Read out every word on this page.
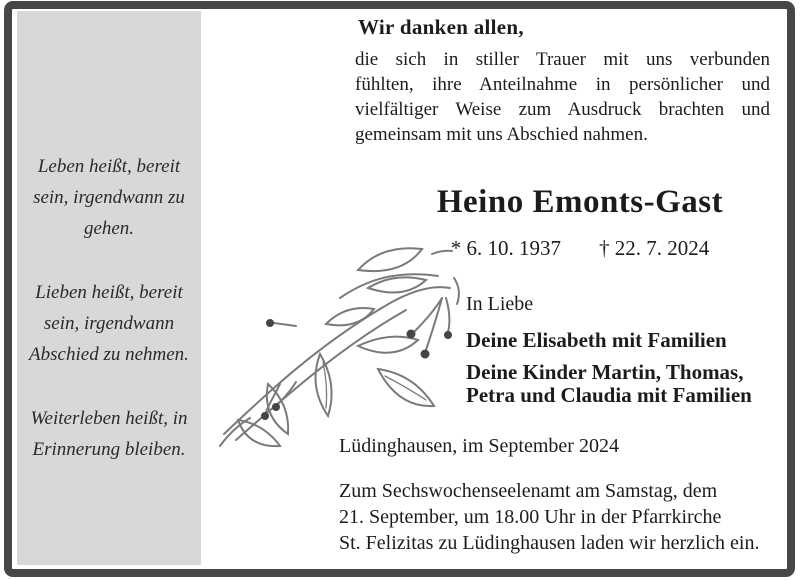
Leben heißt, bereit
sein, irgendwann zu
gehen.
Lieben heißt, bereit
sein, irgendwann
Abschied zu nehmen.
Weiterleben heißt, in
Erinnerung bleiben.
Wir danken allen,
die sich in stiller Trauer mit uns verbunden
fühlten, ihre Anteilnahme in persönlicher und
vielfältiger Weise zum Ausdruck brachten und
gemeinsam mit uns Abschied nahmen.
Heino Emonts-Gast
* 6. 10. 1937 † 22. 7. 2024
In Liebe
Deine Elisabeth mit Familien
Deine Kinder Martin, Thomas,
Petra und Claudia mit Familien
Lüdinghausen, im September 2024
Zum Sechswochenseelenamt am Samstag, dem
21. September, um 18.00 Uhr in der Pfarrkirche
St. Felizitas zu Lüdinghausen laden wir herzlich ein.
